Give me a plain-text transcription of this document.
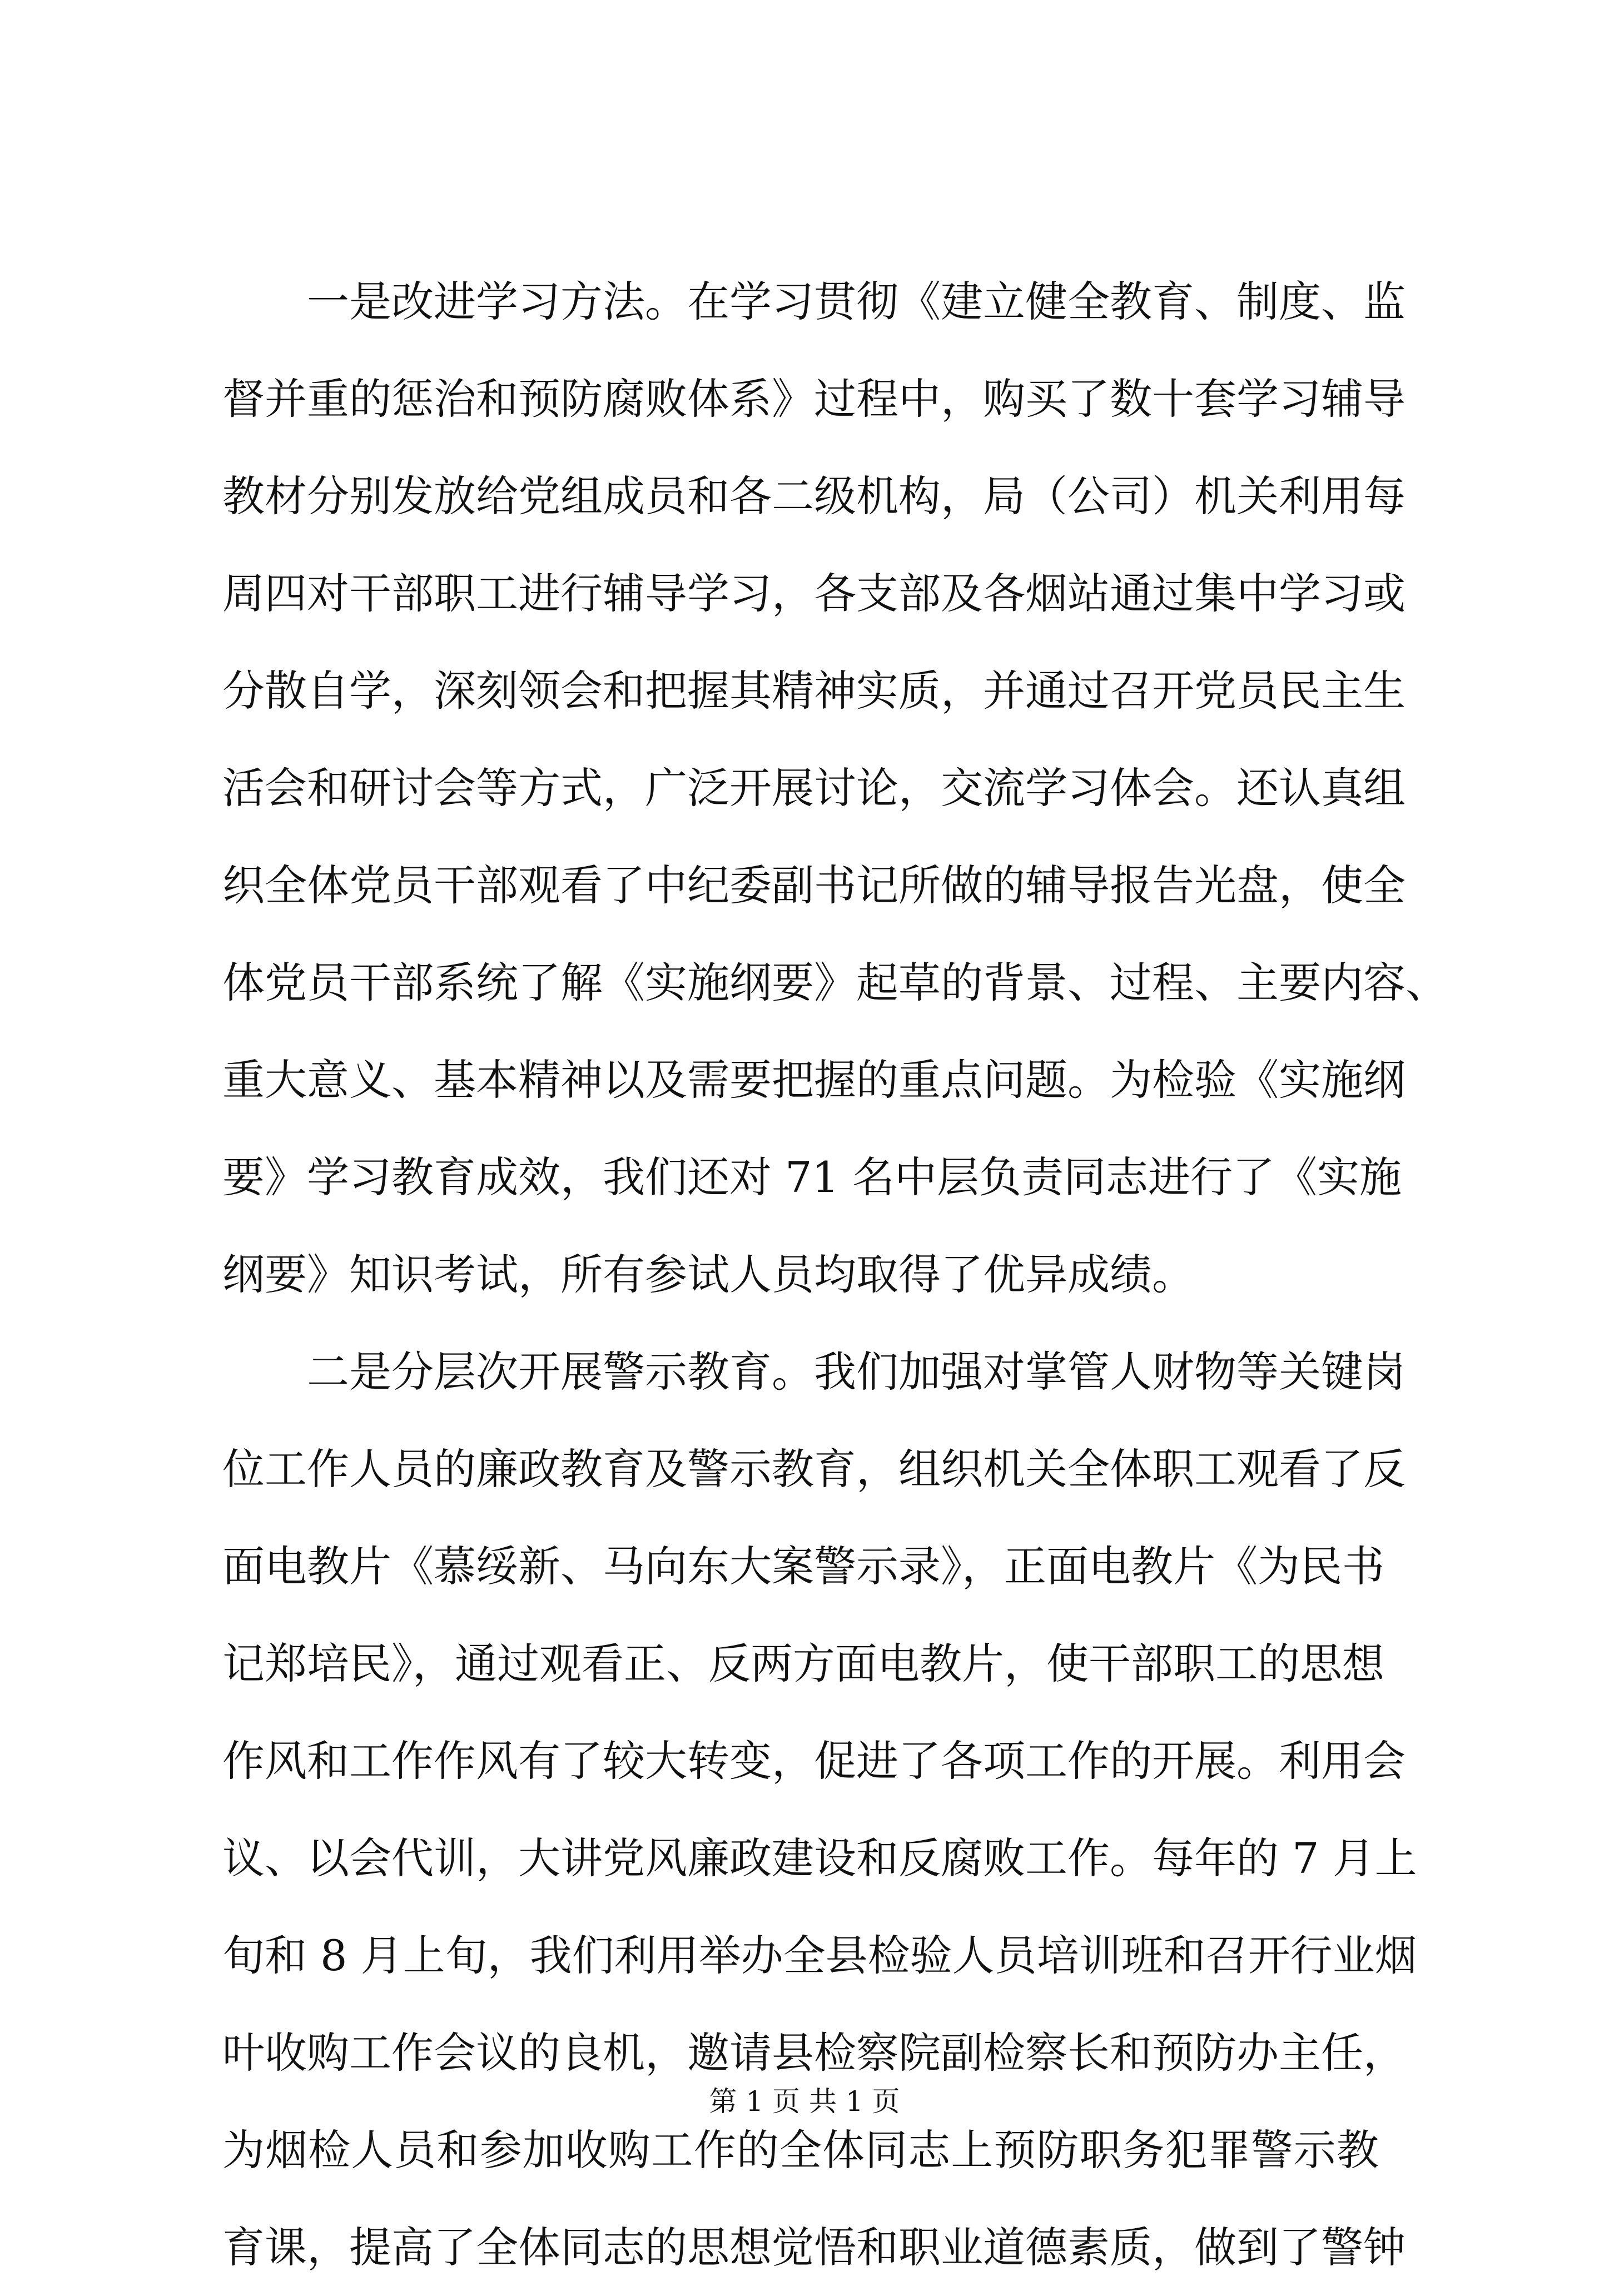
一是改进学习方法。在学习贯彻《建立健全教育、制度、监
督并重的惩治和预防腐败体系》过程中，购买了数十套学习辅导
教材分别发放给党组成员和各二级机构，局（公司）机关利用每
周四对干部职工进行辅导学习，各支部及各烟站通过集中学习或
分散自学，深刻领会和把握其精神实质，并通过召开党员民主生
活会和研讨会等方式，广泛开展讨论，交流学习体会。还认真组
织全体党员干部观看了中纪委副书记所做的辅导报告光盘，使全
体党员干部系统了解《实施纲要》起草的背景、过程、主要内容、
重大意义、基本精神以及需要把握的重点问题。为检验《实施纲
要》学习教育成效，我们还对 71 名中层负责同志进行了《实施
纲要》知识考试，所有参试人员均取得了优异成绩。
二是分层次开展警示教育。我们加强对掌管人财物等关键岗
位工作人员的廉政教育及警示教育，组织机关全体职工观看了反
面电教片《慕绥新、马向东大案警示录》，正面电教片《为民书
记郑培民》，通过观看正、反两方面电教片，使干部职工的思想
作风和工作作风有了较大转变，促进了各项工作的开展。利用会
议、以会代训，大讲党风廉政建设和反腐败工作。每年的 7 月上
旬和 8 月上旬，我们利用举办全县检验人员培训班和召开行业烟
叶收购工作会议的良机，邀请县检察院副检察长和预防办主任，
为烟检人员和参加收购工作的全体同志上预防职务犯罪警示教
育课，提高了全体同志的思想觉悟和职业道德素质，做到了警钟
第 1 页 共 1 页
